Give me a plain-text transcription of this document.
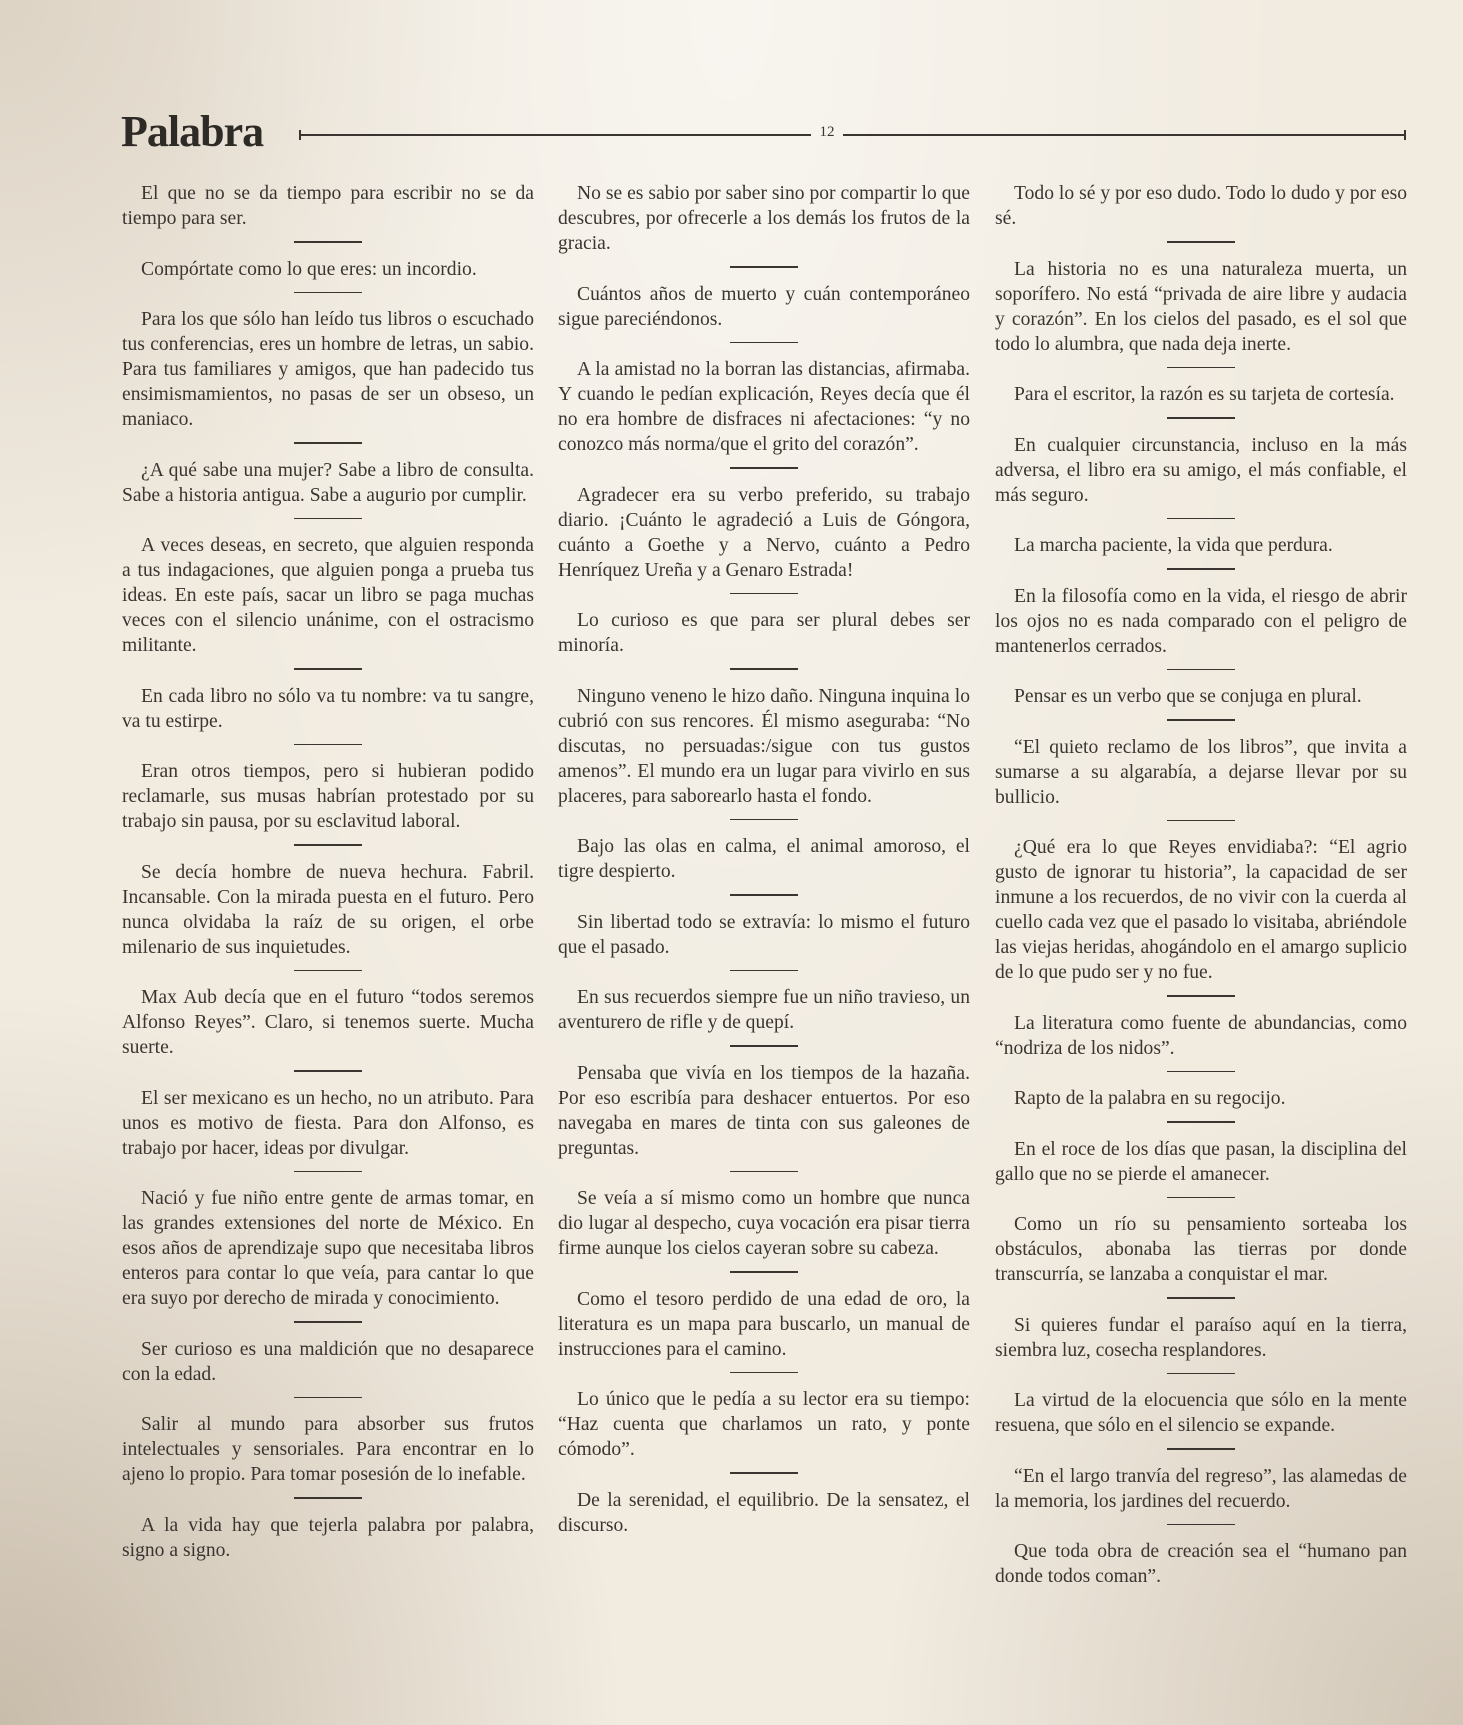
Palabra	12

El que no se da tiempo para escribir no se da tiempo para ser.

Compórtate como lo que eres: un incordio.

Para los que sólo han leído tus libros o escuchado tus conferencias, eres un hombre de letras, un sabio. Para tus familiares y amigos, que han padecido tus ensimismamientos, no pasas de ser un obseso, un maniaco.

¿A qué sabe una mujer? Sabe a libro de consulta. Sabe a historia antigua. Sabe a augurio por cumplir.

A veces deseas, en secreto, que alguien responda a tus indagaciones, que alguien ponga a prueba tus ideas. En este país, sacar un libro se paga muchas veces con el silencio unánime, con el ostracismo militante.

En cada libro no sólo va tu nombre: va tu sangre, va tu estirpe.

Eran otros tiempos, pero si hubieran podido reclamarle, sus musas habrían protestado por su trabajo sin pausa, por su esclavitud laboral.

Se decía hombre de nueva hechura. Fabril. Incansable. Con la mirada puesta en el futuro. Pero nunca olvidaba la raíz de su origen, el orbe milenario de sus inquietudes.

Max Aub decía que en el futuro “todos seremos Alfonso Reyes”. Claro, si tenemos suerte. Mucha suerte.

El ser mexicano es un hecho, no un atributo. Para unos es motivo de fiesta. Para don Alfonso, es trabajo por hacer, ideas por divulgar.

Nació y fue niño entre gente de armas tomar, en las grandes extensiones del norte de México. En esos años de aprendizaje supo que necesitaba libros enteros para contar lo que veía, para cantar lo que era suyo por derecho de mirada y conocimiento.

Ser curioso es una maldición que no desaparece con la edad.

Salir al mundo para absorber sus frutos intelectuales y sensoriales. Para encontrar en lo ajeno lo propio. Para tomar posesión de lo inefable.

A la vida hay que tejerla palabra por palabra, signo a signo.

No se es sabio por saber sino por compartir lo que descubres, por ofrecerle a los demás los frutos de la gracia.

Cuántos años de muerto y cuán contemporáneo sigue pareciéndonos.

A la amistad no la borran las distancias, afirmaba. Y cuando le pedían explicación, Reyes decía que él no era hombre de disfraces ni afectaciones: “y no conozco más norma/que el grito del corazón”.

Agradecer era su verbo preferido, su trabajo diario. ¡Cuánto le agradeció a Luis de Góngora, cuánto a Goethe y a Nervo, cuánto a Pedro Henríquez Ureña y a Genaro Estrada!

Lo curioso es que para ser plural debes ser minoría.

Ninguno veneno le hizo daño. Ninguna inquina lo cubrió con sus rencores. Él mismo aseguraba: “No discutas, no persuadas:/sigue con tus gustos amenos”. El mundo era un lugar para vivirlo en sus placeres, para saborearlo hasta el fondo.

Bajo las olas en calma, el animal amoroso, el tigre despierto.

Sin libertad todo se extravía: lo mismo el futuro que el pasado.

En sus recuerdos siempre fue un niño travieso, un aventurero de rifle y de quepí.

Pensaba que vivía en los tiempos de la hazaña. Por eso escribía para deshacer entuertos. Por eso navegaba en mares de tinta con sus galeones de preguntas.

Se veía a sí mismo como un hombre que nunca dio lugar al despecho, cuya vocación era pisar tierra firme aunque los cielos cayeran sobre su cabeza.

Como el tesoro perdido de una edad de oro, la literatura es un mapa para buscarlo, un manual de instrucciones para el camino.

Lo único que le pedía a su lector era su tiempo: “Haz cuenta que charlamos un rato, y ponte cómodo”.

De la serenidad, el equilibrio. De la sensatez, el discurso.

Todo lo sé y por eso dudo. Todo lo dudo y por eso sé.

La historia no es una naturaleza muerta, un soporífero. No está “privada de aire libre y audacia y corazón”. En los cielos del pasado, es el sol que todo lo alumbra, que nada deja inerte.

Para el escritor, la razón es su tarjeta de cortesía.

En cualquier circunstancia, incluso en la más adversa, el libro era su amigo, el más confiable, el más seguro.

La marcha paciente, la vida que perdura.

En la filosofía como en la vida, el riesgo de abrir los ojos no es nada comparado con el peligro de mantenerlos cerrados.

Pensar es un verbo que se conjuga en plural.

“El quieto reclamo de los libros”, que invita a sumarse a su algarabía, a dejarse llevar por su bullicio.

¿Qué era lo que Reyes envidiaba?: “El agrio gusto de ignorar tu historia”, la capacidad de ser inmune a los recuerdos, de no vivir con la cuerda al cuello cada vez que el pasado lo visitaba, abriéndole las viejas heridas, ahogándolo en el amargo suplicio de lo que pudo ser y no fue.

La literatura como fuente de abundancias, como “nodriza de los nidos”.

Rapto de la palabra en su regocijo.

En el roce de los días que pasan, la disciplina del gallo que no se pierde el amanecer.

Como un río su pensamiento sorteaba los obstáculos, abonaba las tierras por donde transcurría, se lanzaba a conquistar el mar.

Si quieres fundar el paraíso aquí en la tierra, siembra luz, cosecha resplandores.

La virtud de la elocuencia que sólo en la mente resuena, que sólo en el silencio se expande.

“En el largo tranvía del regreso”, las alamedas de la memoria, los jardines del recuerdo.

Que toda obra de creación sea el “humano pan donde todos coman”.
